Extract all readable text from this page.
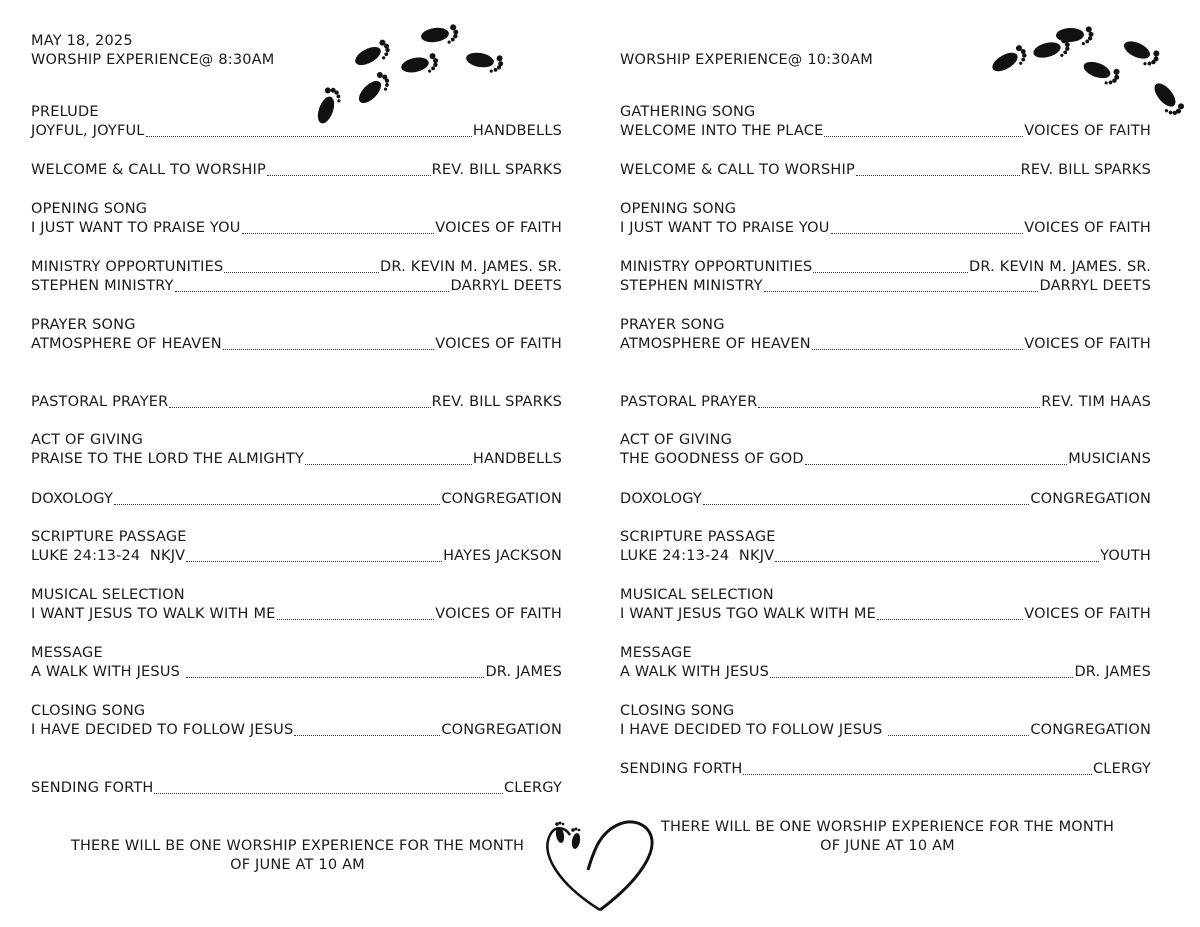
MAY 18, 2025
WORSHIP EXPERIENCE@ 8:30AM
PRELUDE
JOYFUL, JOYFUL	HANDBELLS
WELCOME & CALL TO WORSHIP	REV. BILL SPARKS
OPENING SONG
I JUST WANT TO PRAISE YOU	VOICES OF FAITH
MINISTRY OPPORTUNITIES	DR. KEVIN M. JAMES. SR.
STEPHEN MINISTRY	DARRYL DEETS
PRAYER SONG
ATMOSPHERE OF HEAVEN	VOICES OF FAITH
PASTORAL PRAYER	REV. BILL SPARKS
ACT OF GIVING
PRAISE TO THE LORD THE ALMIGHTY	HANDBELLS
DOXOLOGY	CONGREGATION
SCRIPTURE PASSAGE
LUKE 24:13-24  NKJV	HAYES JACKSON
MUSICAL SELECTION
I WANT JESUS TO WALK WITH ME	VOICES OF FAITH
MESSAGE
A WALK WITH JESUS	DR. JAMES
CLOSING SONG
I HAVE DECIDED TO FOLLOW JESUS	CONGREGATION
SENDING FORTH	CLERGY
WORSHIP EXPERIENCE@ 10:30AM
GATHERING SONG
WELCOME INTO THE PLACE	VOICES OF FAITH
WELCOME & CALL TO WORSHIP	REV. BILL SPARKS
OPENING SONG
I JUST WANT TO PRAISE YOU	VOICES OF FAITH
MINISTRY OPPORTUNITIES	DR. KEVIN M. JAMES. SR.
STEPHEN MINISTRY	DARRYL DEETS
PRAYER SONG
ATMOSPHERE OF HEAVEN	VOICES OF FAITH
PASTORAL PRAYER	REV. TIM HAAS
ACT OF GIVING
THE GOODNESS OF GOD	MUSICIANS
DOXOLOGY	CONGREGATION
SCRIPTURE PASSAGE
LUKE 24:13-24  NKJV	YOUTH
MUSICAL SELECTION
I WANT JESUS TGO WALK WITH ME	VOICES OF FAITH
MESSAGE
A WALK WITH JESUS	DR. JAMES
CLOSING SONG
I HAVE DECIDED TO FOLLOW JESUS	CONGREGATION
SENDING FORTH	CLERGY
THERE WILL BE ONE WORSHIP EXPERIENCE FOR THE MONTH
OF JUNE AT 10 AM
THERE WILL BE ONE WORSHIP EXPERIENCE FOR THE MONTH
OF JUNE AT 10 AM
